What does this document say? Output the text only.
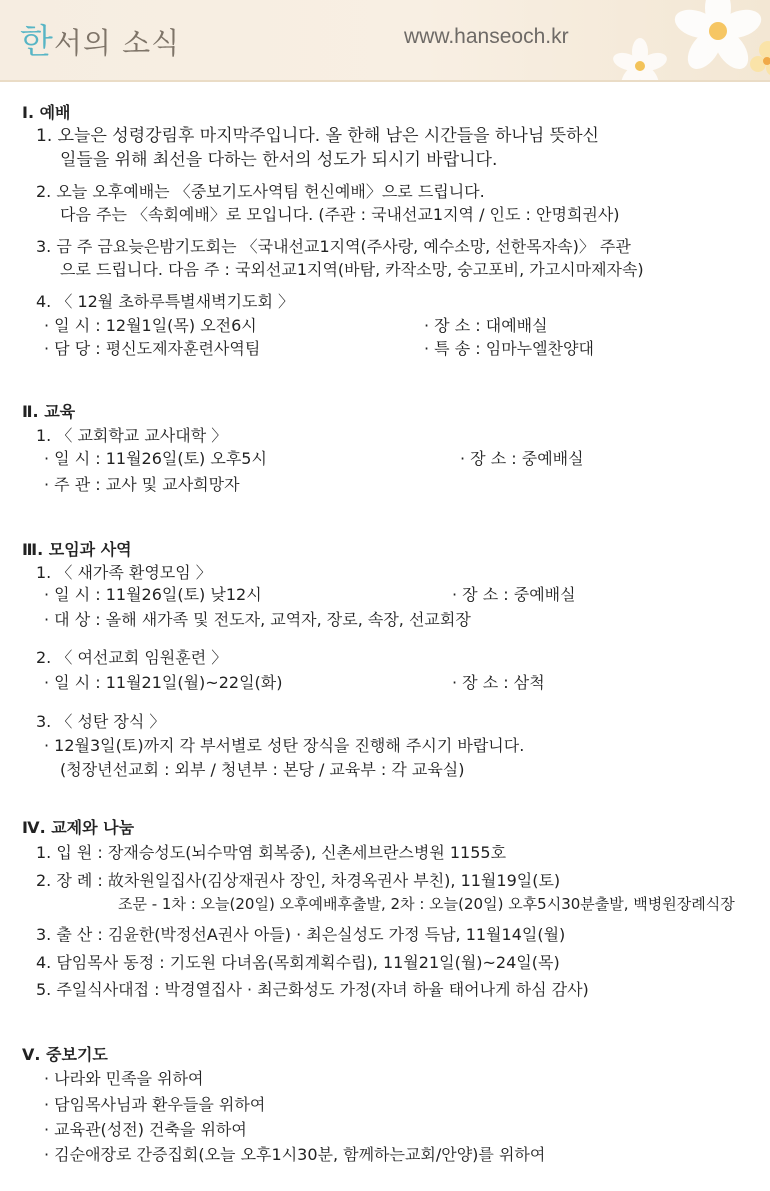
한서의 소식	www.hanseoch.kr
Ⅰ. 예배
1. 오늘은 성령강림후 마지막주입니다. 올 한해 남은 시간들을 하나님 뜻하신
일들을 위해 최선을 다하는 한서의 성도가 되시기 바랍니다.
2. 오늘 오후예배는 〈중보기도사역팀 헌신예배〉으로 드립니다.
다음 주는 〈속회예배〉로 모입니다. (주관 : 국내선교1지역 / 인도 : 안명희권사)
3. 금 주 금요늦은밤기도회는 〈국내선교1지역(주사랑, 예수소망, 선한목자속)〉 주관
으로 드립니다. 다음 주 : 국외선교1지역(바탐, 카작소망, 숭고포비, 가고시마제자속)
4. 〈 12월 초하루특별새벽기도회 〉
· 일 시 : 12월1일(목) 오전6시	· 장 소 : 대예배실
· 담 당 : 평신도제자훈련사역팀	· 특 송 : 임마누엘찬양대
Ⅱ. 교육
1. 〈 교회학교 교사대학 〉
· 일 시 : 11월26일(토) 오후5시	· 장 소 : 중예배실
· 주 관 : 교사 및 교사희망자
Ⅲ. 모임과 사역
1. 〈 새가족 환영모임 〉
· 일 시 : 11월26일(토) 낮12시	· 장 소 : 중예배실
· 대 상 : 올해 새가족 및 전도자, 교역자, 장로, 속장, 선교회장
2. 〈 여선교회 임원훈련 〉
· 일 시 : 11월21일(월)~22일(화)	· 장 소 : 삼척
3. 〈 성탄 장식 〉
· 12월3일(토)까지 각 부서별로 성탄 장식을 진행해 주시기 바랍니다.
(청장년선교회 : 외부 / 청년부 : 본당 / 교육부 : 각 교육실)
Ⅳ. 교제와 나눔
1. 입 원 : 장재승성도(뇌수막염 회복중), 신촌세브란스병원 1155호
2. 장 례 : 故차원일집사(김상재권사 장인, 차경옥권사 부친), 11월19일(토)
조문 - 1차 : 오늘(20일) 오후예배후출발, 2차 : 오늘(20일) 오후5시30분출발, 백병원장례식장
3. 출 산 : 김윤한(박정선A권사 아들) · 최은실성도 가정 득남, 11월14일(월)
4. 담임목사 동정 : 기도원 다녀옴(목회계획수립), 11월21일(월)~24일(목)
5. 주일식사대접 : 박경열집사 · 최근화성도 가정(자녀 하율 태어나게 하심 감사)
Ⅴ. 중보기도
· 나라와 민족을 위하여
· 담임목사님과 환우들을 위하여
· 교육관(성전) 건축을 위하여
· 김순애장로 간증집회(오늘 오후1시30분, 함께하는교회/안양)를 위하여
